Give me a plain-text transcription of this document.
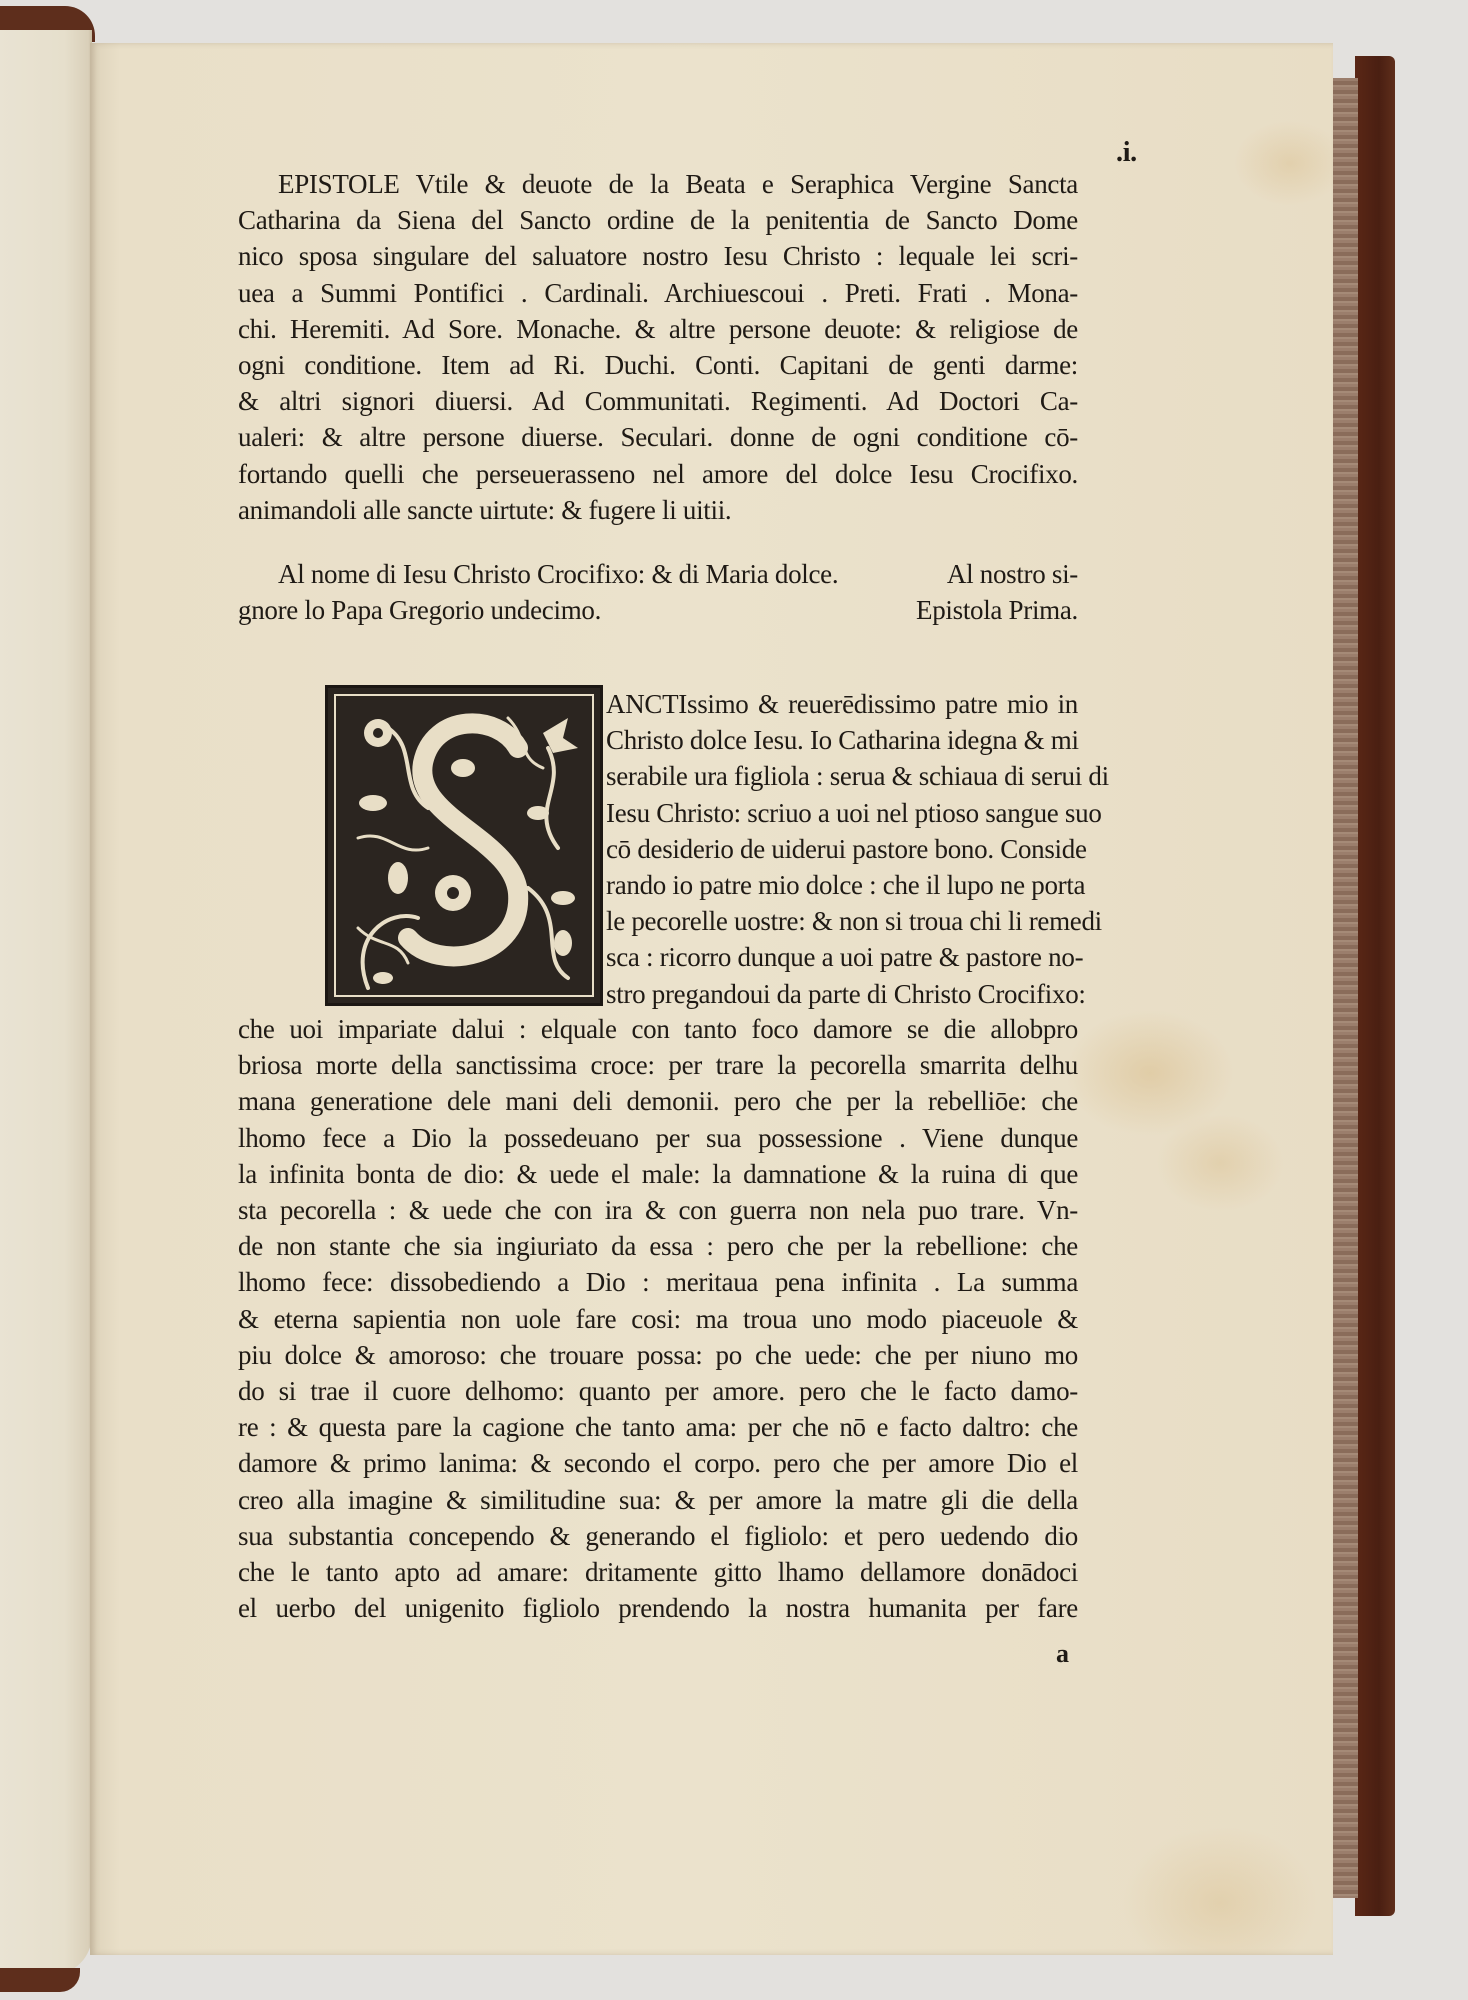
.i.
EPISTOLE Vtile & deuote de la Beata e Seraphica Vergine Sancta
Catharina da Siena del Sancto ordine de la penitentia de Sancto Dome
nico sposa singulare del saluatore nostro Iesu Christo : lequale lei scri-
uea a Summi Pontifici . Cardinali. Archiuescoui . Preti. Frati . Mona-
chi. Heremiti. Ad Sore. Monache. & altre persone deuote: & religiose de
ogni conditione. Item ad Ri. Duchi. Conti. Capitani de genti darme:
& altri signori diuersi. Ad Communitati. Regimenti. Ad Doctori Ca-
ualeri: & altre persone diuerse. Seculari. donne de ogni conditione cō-
fortando quelli che perseuerasseno nel amore del dolce Iesu Crocifixo.
animandoli alle sancte uirtute: & fugere li uitii.
Al nome di Iesu Christo Crocifixo: & di Maria dolce.	Al nostro si-
gnore lo Papa Gregorio undecimo.	Epistola Prima.
ANCTIssimo & reuerēdissimo patre mio in
Christo dolce Iesu. Io Catharina idegna & mi
serabile ura figliola : serua & schiaua di serui di
Iesu Christo: scriuo a uoi nel ptioso sangue suo
cō desiderio de uiderui pastore bono. Conside
rando io patre mio dolce : che il lupo ne porta
le pecorelle uostre: & non si troua chi li remedi
sca : ricorro dunque a uoi patre & pastore no-
stro pregandoui da parte di Christo Crocifixo:
che uoi impariate dalui : elquale con tanto foco damore se die allobpro
briosa morte della sanctissima croce: per trare la pecorella smarrita delhu
mana generatione dele mani deli demonii. pero che per la rebelliōe: che
lhomo fece a Dio la possedeuano per sua possessione . Viene dunque
la infinita bonta de dio: & uede el male: la damnatione & la ruina di que
sta pecorella : & uede che con ira & con guerra non nela puo trare. Vn-
de non stante che sia ingiuriato da essa : pero che per la rebellione: che
lhomo fece: dissobediendo a Dio : meritaua pena infinita . La summa
& eterna sapientia non uole fare cosi: ma troua uno modo piaceuole &
piu dolce & amoroso: che trouare possa: po che uede: che per niuno mo
do si trae il cuore delhomo: quanto per amore. pero che le facto damo-
re : & questa pare la cagione che tanto ama: per che nō e facto daltro: che
damore & primo lanima: & secondo el corpo. pero che per amore Dio el
creo alla imagine & similitudine sua: & per amore la matre gli die della
sua substantia concependo & generando el figliolo: et pero uedendo dio
che le tanto apto ad amare: dritamente gitto lhamo dellamore donādoci
el uerbo del unigenito figliolo prendendo la nostra humanita per fare
a
